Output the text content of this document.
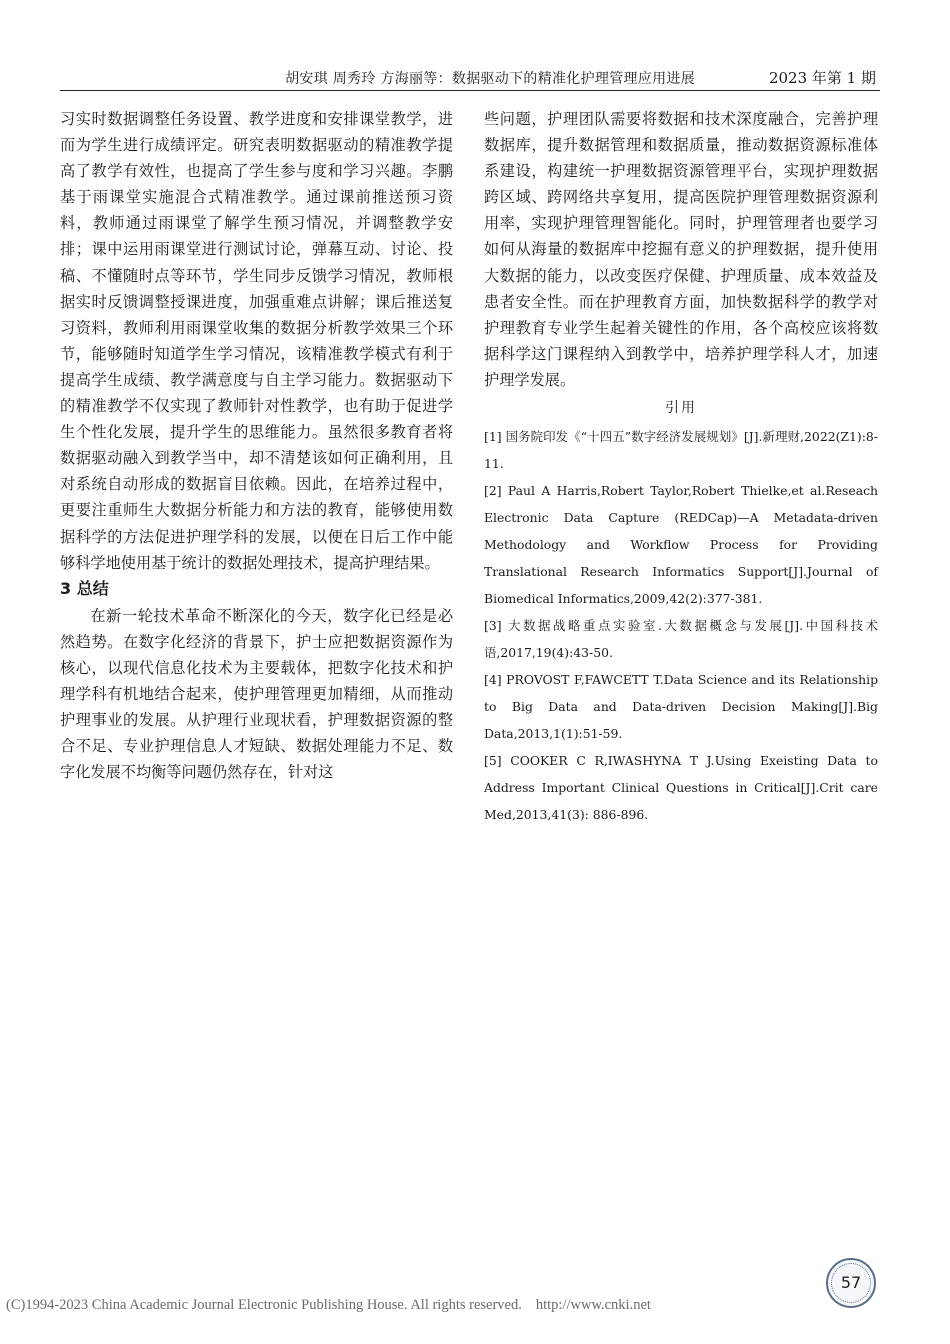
胡安琪 周秀玲 方海丽等：数据驱动下的精准化护理管理应用进展	2023 年第 1 期

习实时数据调整任务设置、教学进度和安排课堂教学，进而为学生进行成绩评定。研究表明数据驱动的精准教学提高了教学有效性，也提高了学生参与度和学习兴趣。李鹏基于雨课堂实施混合式精准教学。通过课前推送预习资料，教师通过雨课堂了解学生预习情况，并调整教学安排；课中运用雨课堂进行测试讨论，弹幕互动、讨论、投稿、不懂随时点等环节，学生同步反馈学习情况，教师根据实时反馈调整授课进度，加强重难点讲解；课后推送复习资料，教师利用雨课堂收集的数据分析教学效果三个环节，能够随时知道学生学习情况，该精准教学模式有利于提高学生成绩、教学满意度与自主学习能力。数据驱动下的精准教学不仅实现了教师针对性教学，也有助于促进学生个性化发展，提升学生的思维能力。虽然很多教育者将数据驱动融入到教学当中，却不清楚该如何正确利用，且对系统自动形成的数据盲目依赖。因此，在培养过程中，更要注重师生大数据分析能力和方法的教育，能够使用数据科学的方法促进护理学科的发展，以便在日后工作中能够科学地使用基于统计的数据处理技术，提高护理结果。

3 总结

在新一轮技术革命不断深化的今天，数字化已经是必然趋势。在数字化经济的背景下，护士应把数据资源作为核心，以现代信息化技术为主要载体，把数字化技术和护理学科有机地结合起来，使护理管理更加精细，从而推动护理事业的发展。从护理行业现状看，护理数据资源的整合不足、专业护理信息人才短缺、数据处理能力不足、数字化发展不均衡等问题仍然存在，针对这

些问题，护理团队需要将数据和技术深度融合，完善护理数据库，提升数据管理和数据质量，推动数据资源标准体系建设，构建统一护理数据资源管理平台，实现护理数据跨区域、跨网络共享复用，提高医院护理管理数据资源利用率，实现护理管理智能化。同时，护理管理者也要学习如何从海量的数据库中挖掘有意义的护理数据，提升使用大数据的能力，以改变医疗保健、护理质量、成本效益及患者安全性。而在护理教育方面，加快数据科学的教学对护理教育专业学生起着关键性的作用，各个高校应该将数据科学这门课程纳入到教学中，培养护理学科人才，加速护理学发展。

引用

[1] 国务院印发《“十四五”数字经济发展规划》[J].新理财,2022(Z1):8-11.

[2] Paul A Harris,Robert Taylor,Robert Thielke,et al.Reseach Electronic Data Capture (REDCap)—A Metadata-driven Methodology and Workflow Process for Providing Translational Research Informatics Support[J].Journal of Biomedical Informatics,2009,42(2):377-381.

[3] 大数据战略重点实验室.大数据概念与发展[J].中国科技术语,2017,19(4):43-50.

[4] PROVOST F,FAWCETT T.Data Science and its Relationship to Big Data and Data-driven Decision Making[J].Big Data,2013,1(1):51-59.

[5] COOKER C R,IWASHYNA T J.Using Exeisting Data to Address Important Clinical Questions in Critical[J].Crit care Med,2013,41(3): 886-896.

57
(C)1994-2023 China Academic Journal Electronic Publishing House. All rights reserved. http://www.cnki.net
